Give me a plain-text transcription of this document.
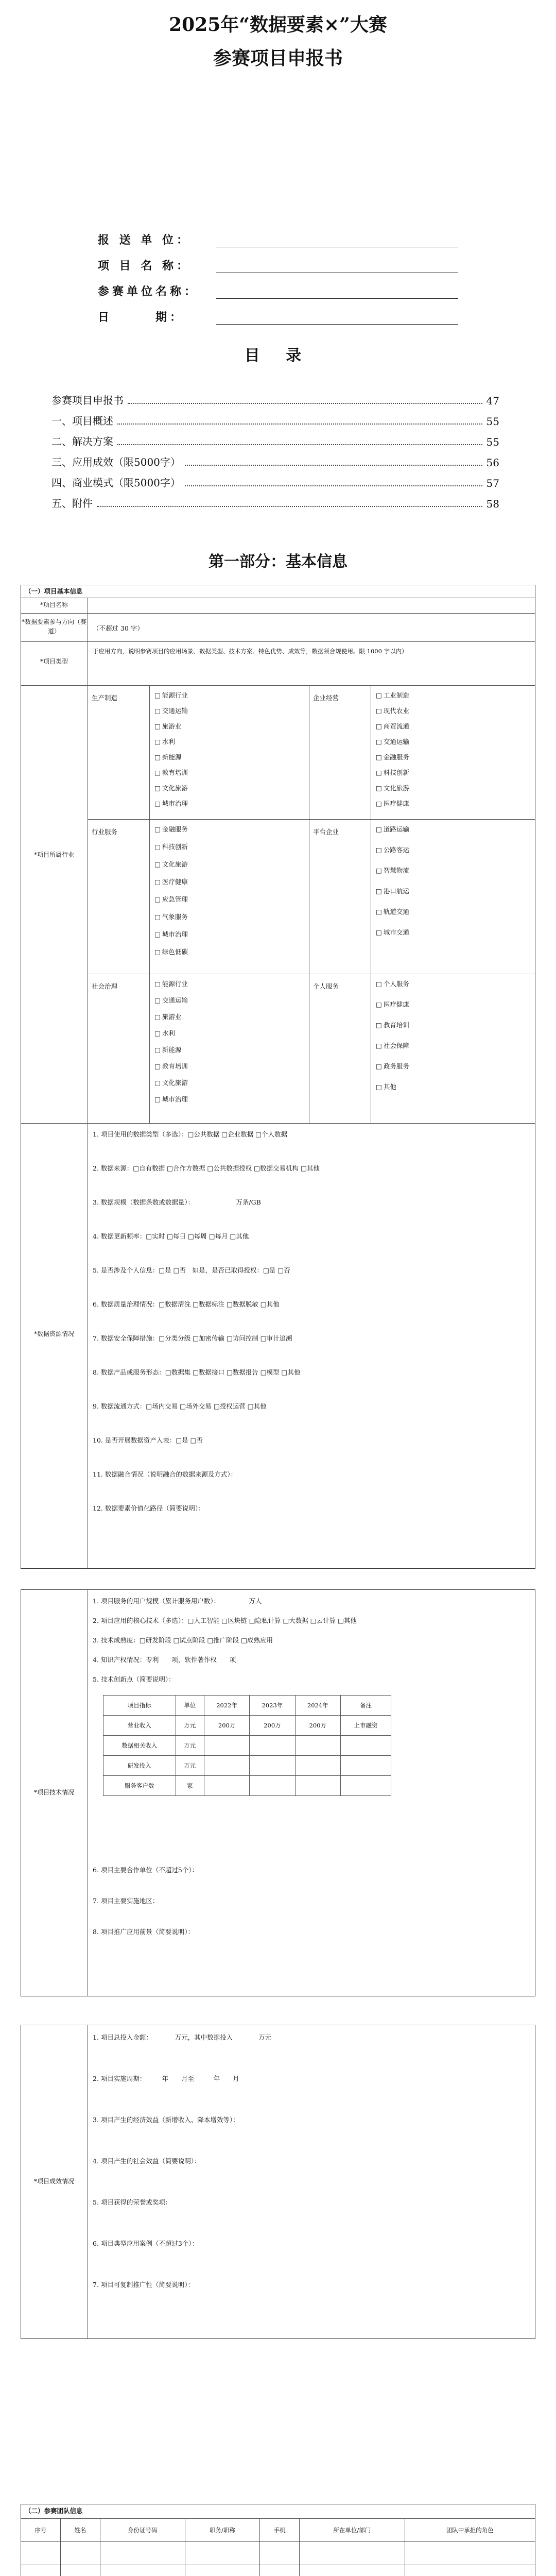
2025年“数据要素×”大赛
参赛项目申报书
报 送 单 位：
项 目 名 称：
参赛单位名称：
日　　　期：
目 录
参赛项目申报书	47
一、项目概述	55
二、解决方案	55
三、应用成效（限5000字）	56
四、商业模式（限5000字）	57
五、附件	58
第一部分：基本信息
（一）项目基本信息
*项目名称
*数据要素参与方向（赛道）	（不超过 30 字）
*项目类型
于应用方向，说明参赛项目的应用场景、数据类型、技术方案、特色优势、成效等，数据须合规使用。限 1000 字以内）
*项目所属行业
生产制造	□ 能源行业
□ 交通运输
□ 旅游业
□ 水利
□ 新能源
□ 教育培训
□ 文化旅游
□ 城市治理
企业经营	□ 工业制造
□ 现代农业
□ 商贸流通
□ 交通运输
□ 金融服务
□ 科技创新
□ 文化旅游
□ 医疗健康
行业服务	□ 金融服务
□ 科技创新
□ 文化旅游
□ 医疗健康
□ 应急管理
□ 气象服务
□ 城市治理
□ 绿色低碳
平台企业	□ 道路运输
□ 公路客运
□ 智慧物流
□ 港口航运
□ 轨道交通
□ 城市交通
社会治理	□ 能源行业
□ 交通运输
□ 旅游业
□ 水利
□ 新能源
□ 教育培训
□ 文化旅游
□ 城市治理
个人服务	□ 个人服务
□ 医疗健康
□ 教育培训
□ 社会保障
□ 政务服务
□ 其他
*数据资源情况
1. 项目使用的数据类型（多选）：□公共数据 □企业数据 □个人数据
2. 数据来源：□自有数据 □合作方数据 □公共数据授权 □数据交易机构 □其他
3. 数据规模（数据条数或数据量）：　　　　　　　万条/GB
4. 数据更新频率：□实时 □每日 □每周 □每月 □其他
5. 是否涉及个人信息：□是 □否　如是，是否已取得授权：□是 □否
6. 数据质量治理情况：□数据清洗 □数据标注 □数据脱敏 □其他
7. 数据安全保障措施：□分类分级 □加密传输 □访问控制 □审计追溯
8. 数据产品或服务形态：□数据集 □数据接口 □数据报告 □模型 □其他
9. 数据流通方式：□场内交易 □场外交易 □授权运营 □其他
10. 是否开展数据资产入表：□是 □否
11. 数据融合情况（说明融合的数据来源及方式）：
12. 数据要素价值化路径（简要说明）：
*项目技术情况
1. 项目服务的用户规模（累计服务用户数）：　　　　　万人
2. 项目应用的核心技术（多选）：□人工智能 □区块链 □隐私计算 □大数据 □云计算 □其他
3. 技术成熟度：□研发阶段 □试点阶段 □推广阶段 □成熟应用
4. 知识产权情况：专利　　项，软件著作权　　项
5. 技术创新点（简要说明）：
项目指标	单位	2022年	2023年	2024年	备注
营业收入	万元	200万	200万	200万	上市融资
数据相关收入	万元				
研发投入	万元				
服务客户数	家				
6. 项目主要合作单位（不超过5个）：
7. 项目主要实施地区：
8. 项目推广应用前景（简要说明）：
*项目成效情况
1. 项目总投入金额：　　　　万元，其中数据投入　　　　万元
2. 项目实施周期：　　　年　　月至　　　年　　月
3. 项目产生的经济效益（新增收入、降本增效等）：
4. 项目产生的社会效益（简要说明）：
5. 项目获得的荣誉或奖项：
6. 项目典型应用案例（不超过3个）：
7. 项目可复制推广性（简要说明）：
（二）参赛团队信息
序号	姓名	身份证号码	职务/职称	手机	所在单位/部门	团队中承担的角色
